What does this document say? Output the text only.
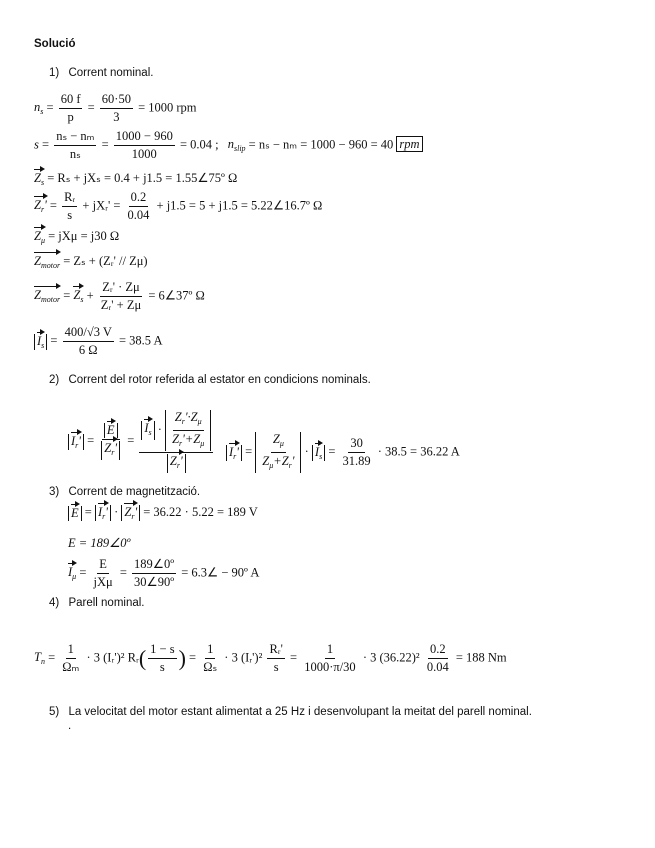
Solució
1) Corrent nominal.
$n_s = \frac{60 f}{p} = \frac{60\cdot 50}{3} = 1000$ rpm
$s = \frac{\text{nₛ − nₘ}}{\text{nₛ}} = \frac{1000 - 960}{1000} = 0.04$ ; $n_{slip} = n_s - n_m = 1000 - 960 = 40$ rpm
$Z_s = R_s + jX_s = 0.4 + j1.5$ = 1.55∠75º Ω
$Z_r' = \frac{\text{Rᵣ}}{s}$ + jXᵣ' = $\frac{0.2}{0.04} + j1.5 = 5 + j1.5$ = 5.22∠16.7º Ω
$Z_\mu = jX\mu = j30$ Ω
$Z_{motor} = Z_s$ + (Zᵣ' // Zμ)
$Z_{motor} = Z_s + \frac{\text{Zᵣ' · Zμ}}{\text{Zᵣ' + Zμ}}$ = 6∠37º Ω
$I_s = \frac{400/√3 V}{6 \Omega} = 38.5$ A
2) Corrent del rotor referida al estator en condicions nominals.
$I_r' = \frac{E}{Z_r'} = \frac{I_s \cdot \frac{Z_r'\cdot Z_\mu}{Z_r'+Z_\mu}}{Z_r'} I_r' = \frac{Z_\mu}{Z_\mu+Z_r'} \cdot I_s = \frac{30}{31.89} \cdot 38.5 = 36.22$ A
3) Corrent de magnetització.
$E = I_r' \cdot Z_r' = 36.22 \cdot 5.22 = 189$ V
E = 189∠0º
$I_\mu = \frac{E}{\text{jXμ}} = \frac{\text{189∠0º}}{\text{30∠90º}}$ = 6.3∠ − 90º A
4) Parell nominal.
$T_n = \frac{1}{\text{Ωₘ}} \cdot 3$ (Iᵣ')² Rᵣ( $\frac{1 - s}{s}$ ) = $\frac{1}{\text{Ωₛ}} \cdot 3$ (Iᵣ')² $\frac{\text{Rᵣ'}}{s} = \frac{1}{1000\cdot\pi/30} \cdot 3$ $(36.22)^2 \frac{0.2}{0.04} = 188$ Nm
5) La velocitat del motor estant alimentat a 25 Hz i desenvolupant la meitat del parell nominal.
.
